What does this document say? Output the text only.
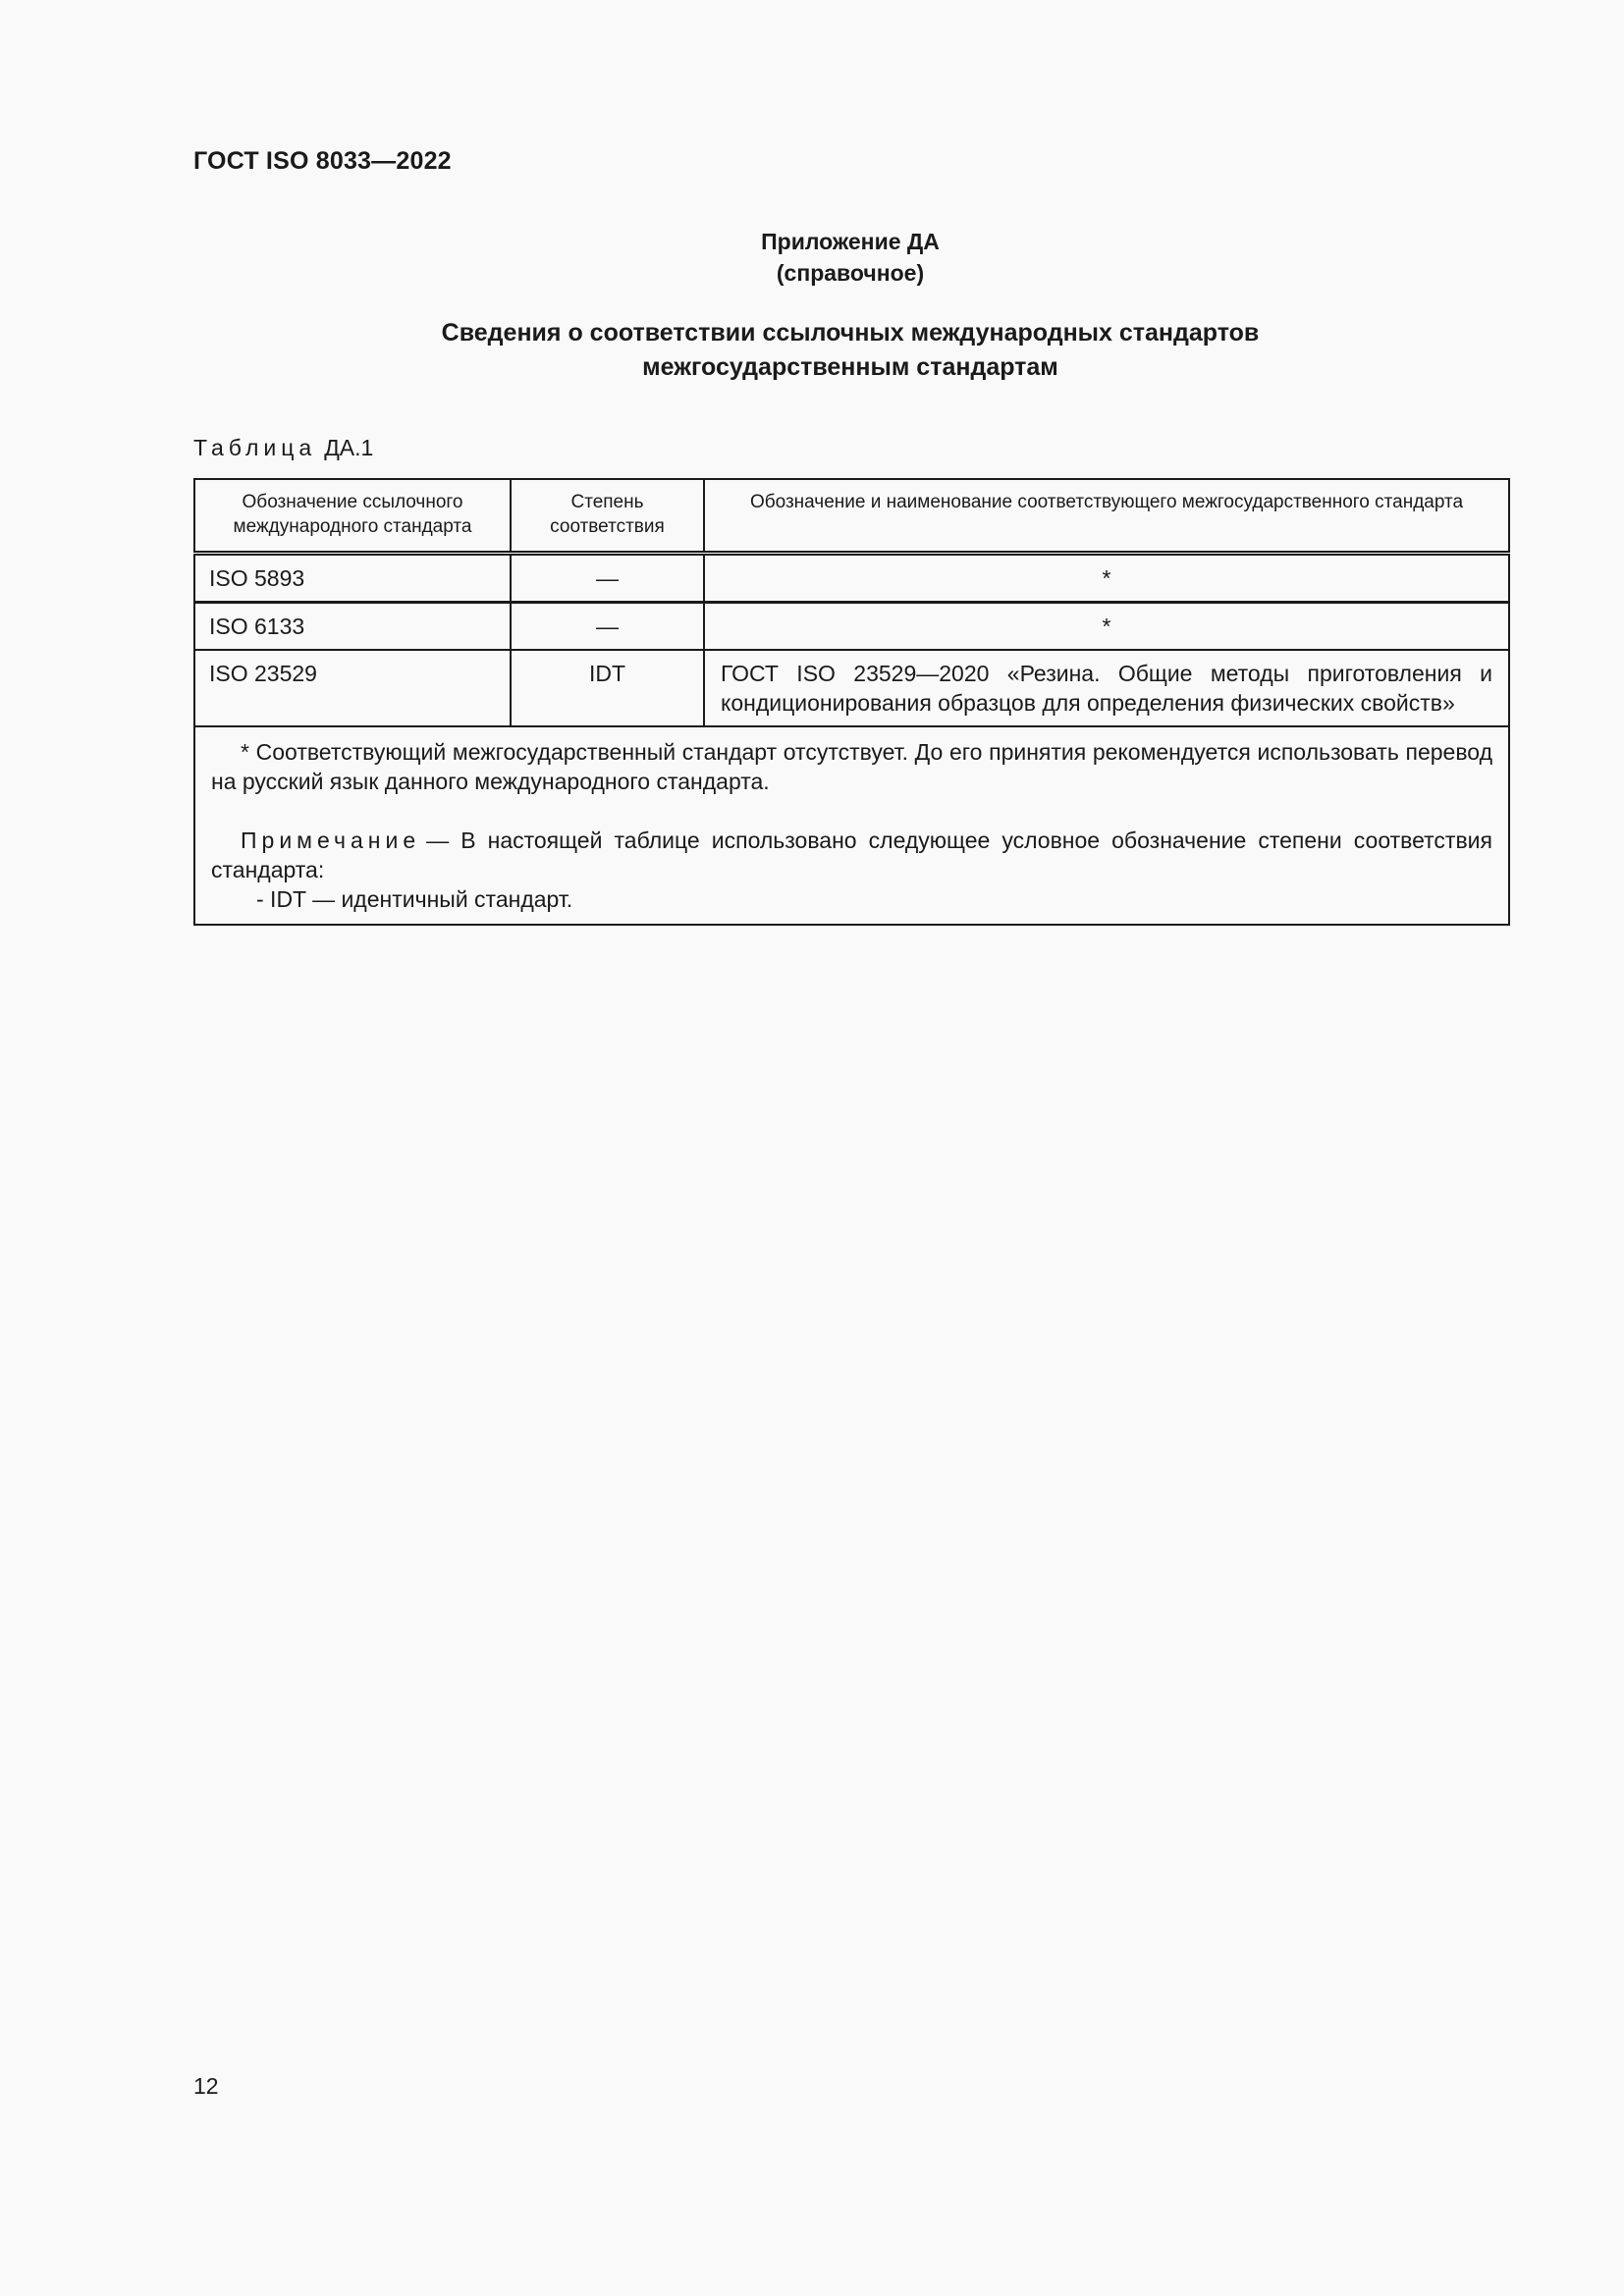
ГОСТ ISO 8033—2022
Приложение ДА
(справочное)
Сведения о соответствии ссылочных международных стандартов
межгосударственным стандартам
Таблица ДА.1
Обозначение ссылочного международного стандарта	Степень соответствия	Обозначение и наименование соответствующего межгосударственного стандарта
ISO 5893	—	*
ISO 6133	—	*
ISO 23529	IDT	ГОСТ ISO 23529—2020 «Резина. Общие методы приготовления и кондиционирования образцов для определения физических свойств»

* Соответствующий межгосударственный стандарт отсутствует. До его принятия рекомендуется использовать перевод на русский язык данного международного стандарта.

Примечание — В настоящей таблице использовано следующее условное обозначение степени соответствия стандарта:

- IDT — идентичный стандарт.		

12
